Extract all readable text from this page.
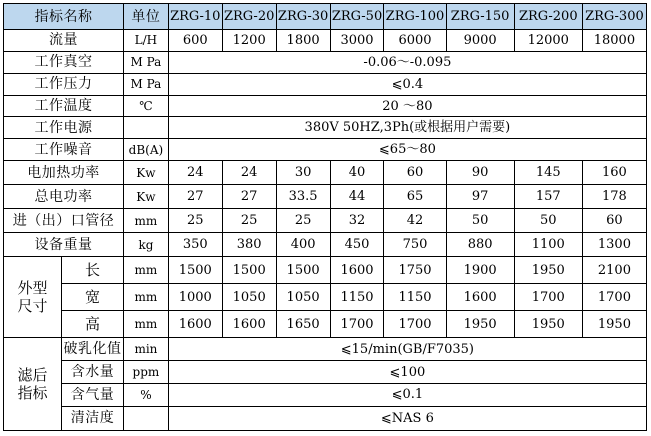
指标名称		单位	ZRG-10	ZRG-20	ZRG-30	ZRG-50	ZRG-100	ZRG-150	ZRG-200	ZRG-300
流量		L/H	600	1200	1800	3000	6000	9000	12000	18000
工作真空		M Pa	-0.06～-0.095							
工作压力		M Pa	⩽0.4							
工作温度		℃	20 ～80							
工作电源			380V 50HZ,3Ph(或根据用户需要)							
工作噪音		dB(A)	⩽65～80							
电加热功率		Kw	24	24	30	40	60	90	145	160
总电功率		Kw	27	27	33.5	44	65	97	157	178
进（出）口管径		mm	25	25	25	32	42	50	50	60
设备重量		kg	350	380	400	450	750	880	1100	1300
外型
尺寸	长	mm	1500	1500	1500	1600	1750	1900	1950	2100
	宽	mm	1000	1050	1050	1150	1150	1600	1700	1700
	高	mm	1600	1600	1650	1700	1700	1950	1950	1950
滤后
指标	破乳化值	min	⩽15/min(GB/F7035)							
	含水量	ppm	⩽100							
	含气量	%	⩽0.1							
	清洁度		⩽NAS 6							
